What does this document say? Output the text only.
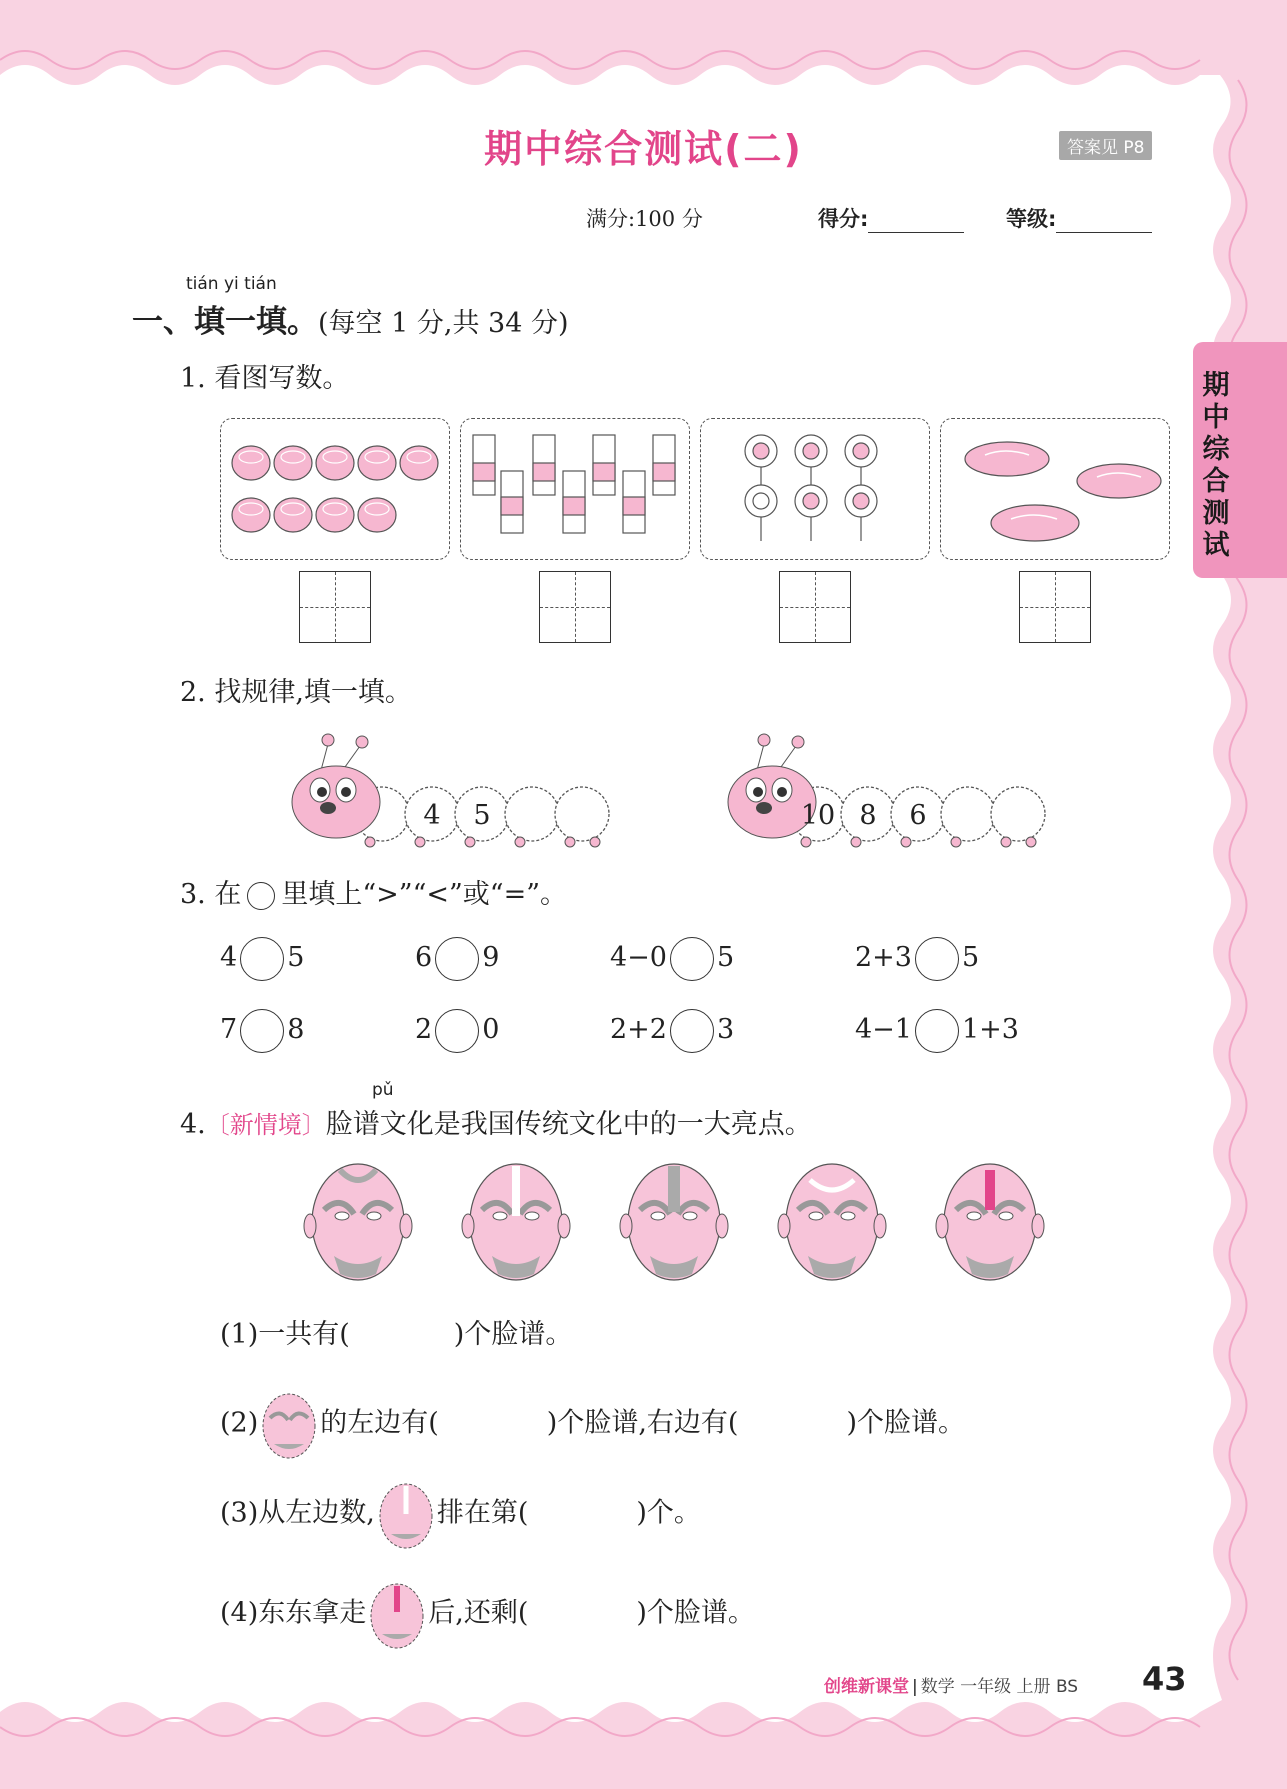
期中综合测试(二)	答案见 P8
满分:100 分	得分:	等级:
期中综合测试
tián yi tián
一、填一填。(每空 1 分,共 34 分)
1. 看图写数。
2. 找规律,填一填。
4 5	10 8 6
3. 在 里填上“>”“<”或“=”。
4 5	6 9	4−0 5	2+3 5
7 8	2 0	2+2 3	4−1 1+3
pǔ
4.〔新情境〕脸谱文化是我国传统文化中的一大亮点。
(1)一共有(	)个脸谱。
(2) 的左边有(	)个脸谱,右边有(	)个脸谱。
(3)从左边数, 排在第(	)个。
(4)东东拿走 后,还剩(	)个脸谱。
创维新课堂 | 数学 一年级 上册 BS 43
